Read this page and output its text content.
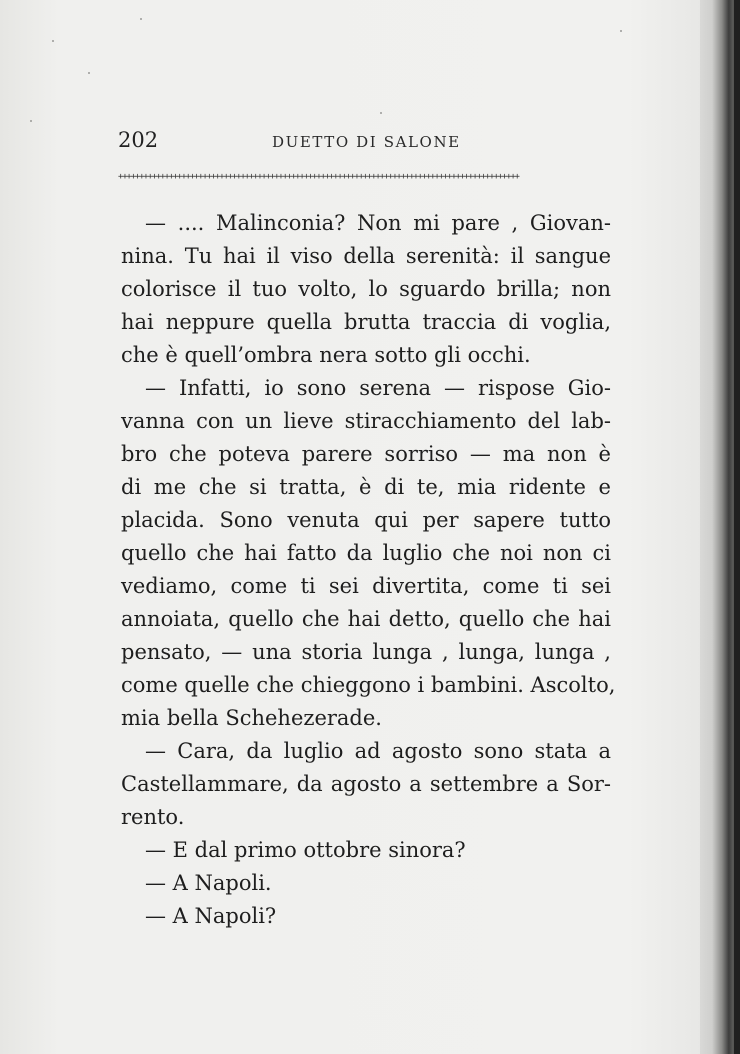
202	DUETTO DI SALONE
+++++++++++++++++++++++++++++++++++++++++++++++++++++++++++++++++++++++++++++++++++++++++++++++
— .... Malinconia? Non mi pare , Giovan-
nina. Tu hai il viso della serenità: il sangue
colorisce il tuo volto, lo sguardo brilla; non
hai neppure quella brutta traccia di voglia,
che è quell’ombra nera sotto gli occhi.
— Infatti, io sono serena — rispose Gio-
vanna con un lieve stiracchiamento del lab-
bro che poteva parere sorriso — ma non è
di me che si tratta, è di te, mia ridente e
placida. Sono venuta qui per sapere tutto
quello che hai fatto da luglio che noi non ci
vediamo, come ti sei divertita, come ti sei
annoiata, quello che hai detto, quello che hai
pensato, — una storia lunga , lunga, lunga ,
come quelle che chieggono i bambini. Ascolto,
mia bella Schehezerade.
— Cara, da luglio ad agosto sono stata a
Castellammare, da agosto a settembre a Sor-
rento.
— E dal primo ottobre sinora?
— A Napoli.
— A Napoli?
